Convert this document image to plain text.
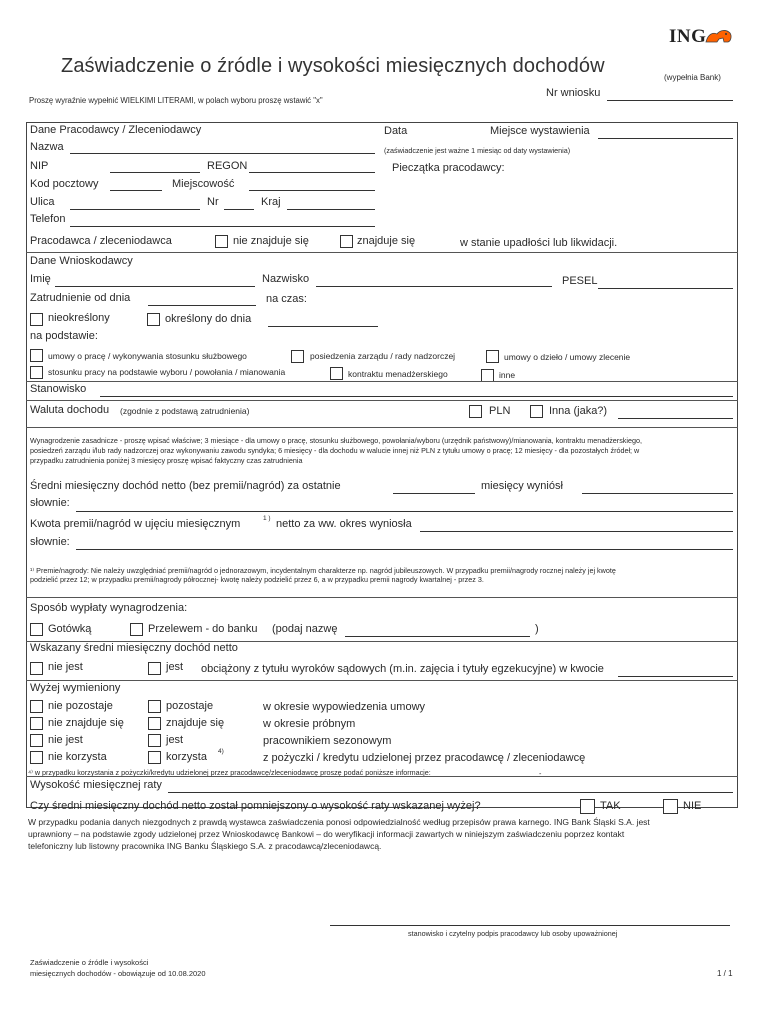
Zaświadczenie o źródle i wysokości miesięcznych dochodów
ING
(wypełnia Bank)
Proszę wyraźnie wypełnić WIELKIMI LITERAMI, w polach wyboru proszę wstawić "x"
Nr wniosku
Dane Pracodawcy / Zleceniodawcy
Nazwa
NIP	REGON
Kod pocztowy	Miejscowość
Ulica	Nr	Kraj
Telefon
Data	Miejsce wystawienia
(zaświadczenie jest ważne 1 miesiąc od daty wystawienia)
Pieczątka pracodawcy:
Pracodawca / zleceniodawca	nie znajduje się	znajduje się	w stanie upadłości lub likwidacji.
Dane Wnioskodawcy
Imię	Nazwisko	PESEL
Zatrudnienie od dnia	na czas:
nieokreślony	określony do dnia
na podstawie:
umowy o pracę / wykonywania stosunku służbowego	posiedzenia zarządu / rady nadzorczej	umowy o dzieło / umowy zlecenie
stosunku pracy na podstawie wyboru / powołania / mianowania	kontraktu menadżerskiego	inne
Stanowisko
Waluta dochodu (zgodnie z podstawą zatrudnienia)	PLN	Inna (jaka?)
Wynagrodzenie zasadnicze - proszę wpisać właściwe; 3 miesiące - dla umowy o pracę, stosunku służbowego, powołania/wyboru (urzędnik państwowy)/mianowania, kontraktu menadżerskiego,
posiedzeń zarządu i/lub rady nadzorczej oraz wykonywaniu zawodu syndyka; 6 miesięcy - dla dochodu w walucie innej niż PLN z tytułu umowy o pracę; 12 miesięcy - dla pozostałych źródeł; w
przypadku zatrudnienia poniżej 3 miesięcy proszę wpisać faktyczny czas zatrudnienia
Średni miesięczny dochód netto (bez premii/nagród) za ostatnie	miesięcy wyniósł
słownie:
Kwota premii/nagród w ujęciu miesięcznym	1 ) netto za ww. okres wyniosła
słownie:
¹⁾ Premie/nagrody: Nie należy uwzględniać premii/nagród o jednorazowym, incydentalnym charakterze np. nagród jubileuszowych. W przypadku premii/nagrody rocznej należy jej kwotę
podzielić przez 12; w przypadku premii/nagrody półrocznej- kwotę należy podzielić przez 6, a w przypadku premii nagrody kwartalnej - przez 3.
Sposób wypłaty wynagrodzenia:
Gotówką	Przelewem - do banku (podaj nazwę	)
Wskazany średni miesięczny dochód netto
nie jest	jest obciążony z tytułu wyroków sądowych (m.in. zajęcia i tytuły egzekucyjne) w kwocie
Wyżej wymieniony
nie pozostaje	pozostaje	w okresie wypowiedzenia umowy
nie znajduje się	znajduje się	w okresie próbnym
nie jest	jest	pracownikiem sezonowym
nie korzysta	korzysta 4)
z pożyczki / kredytu udzielonej przez pracodawcę / zleceniodawcę
⁴⁾ w przypadku korzystania z pożyczki/kredytu udzielonej przez pracodawcę/zleceniodawcę proszę podać poniższe informacje:	-
Wysokość miesięcznej raty
Czy średni miesięczny dochód netto został pomniejszony o wysokość raty wskazanej wyżej?	TAK	NIE
W przypadku podania danych niezgodnych z prawdą wystawca zaświadczenia ponosi odpowiedzialność według przepisów prawa karnego. ING Bank Śląski S.A. jest
uprawniony – na podstawie zgody udzielonej przez Wnioskodawcę Bankowi – do weryfikacji informacji zawartych w niniejszym zaświadczeniu poprzez kontakt
telefoniczny lub listowny pracownika ING Banku Śląskiego S.A. z pracodawcą/zleceniodawcą.
stanowisko i czytelny podpis pracodawcy lub osoby upoważnionej
Zaświadczenie o źródle i wysokości
miesięcznych dochodów - obowiązuje od 10.08.2020	1 / 1
